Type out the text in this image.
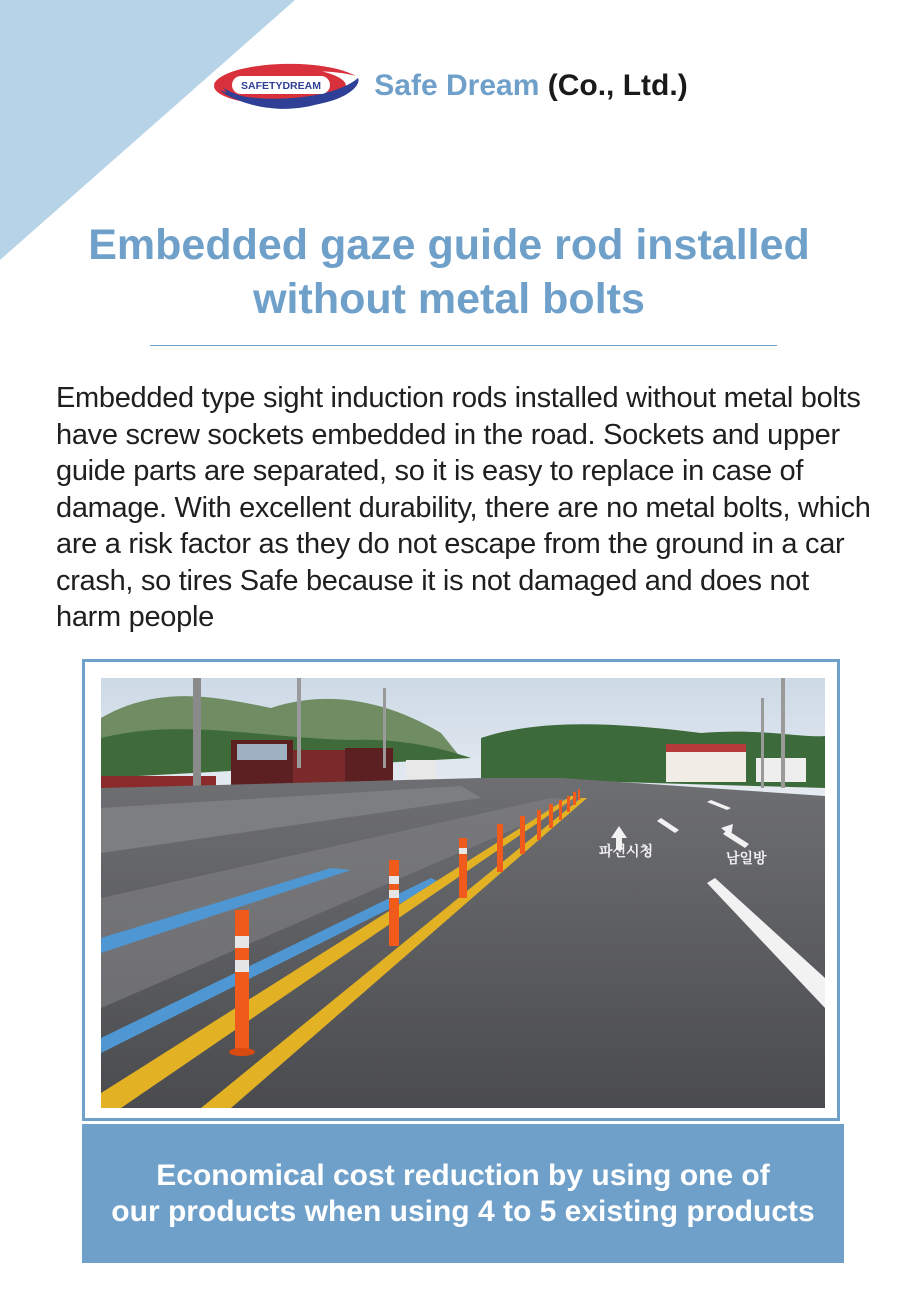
SAFETYDREAM Safe Dream (Co., Ltd.)
Embedded gaze guide rod installed
without metal bolts

Embedded type sight induction rods installed without metal bolts have screw sockets embedded in the road. Sockets and upper guide parts are separated, so it is easy to replace in case of damage. With excellent durability, there are no metal bolts, which are a risk factor as they do not escape from the ground in a car crash, so tires Safe because it is not damaged and does not harm people

파선시청	남일방

Economical cost reduction by using one of
our products when using 4 to 5 existing products
